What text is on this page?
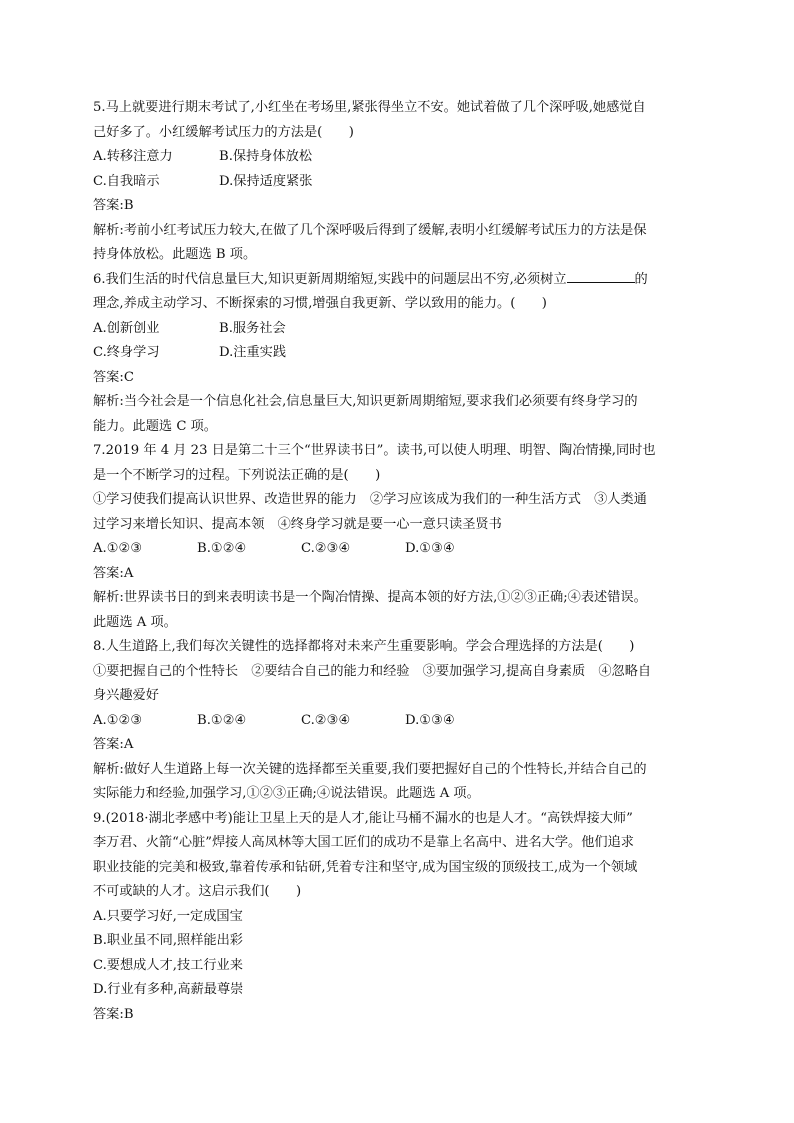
5.马上就要进行期末考试了,小红坐在考场里,紧张得坐立不安。她试着做了几个深呼吸,她感觉自
己好多了。小红缓解考试压力的方法是(　　)
A.转移注意力	B.保持身体放松
C.自我暗示	D.保持适度紧张
答案:B
解析:考前小红考试压力较大,在做了几个深呼吸后得到了缓解,表明小红缓解考试压力的方法是保
持身体放松。此题选 B 项。
6.我们生活的时代信息量巨大,知识更新周期缩短,实践中的问题层出不穷,必须树立	的
理念,养成主动学习、不断探索的习惯,增强自我更新、学以致用的能力。(　　)
A.创新创业	B.服务社会
C.终身学习	D.注重实践
答案:C
解析:当今社会是一个信息化社会,信息量巨大,知识更新周期缩短,要求我们必须要有终身学习的
能力。此题选 C 项。
7.2019 年 4 月 23 日是第二十三个“世界读书日”。读书,可以使人明理、明智、陶冶情操,同时也
是一个不断学习的过程。下列说法正确的是(　　)
①学习使我们提高认识世界、改造世界的能力　②学习应该成为我们的一种生活方式　③人类通
过学习来增长知识、提高本领　④终身学习就是要一心一意只读圣贤书
A.①②③	B.①②④	C.②③④	D.①③④
答案:A
解析:世界读书日的到来表明读书是一个陶冶情操、提高本领的好方法,①②③正确;④表述错误。
此题选 A 项。
8.人生道路上,我们每次关键性的选择都将对未来产生重要影响。学会合理选择的方法是(　　)
①要把握自己的个性特长　②要结合自己的能力和经验　③要加强学习,提高自身素质　④忽略自
身兴趣爱好
A.①②③	B.①②④	C.②③④	D.①③④
答案:A
解析:做好人生道路上每一次关键的选择都至关重要,我们要把握好自己的个性特长,并结合自己的
实际能力和经验,加强学习,①②③正确;④说法错误。此题选 A 项。
9.(2018·湖北孝感中考)能让卫星上天的是人才,能让马桶不漏水的也是人才。“高铁焊接大师”
李万君、火箭“心脏”焊接人高凤林等大国工匠们的成功不是靠上名高中、进名大学。他们追求
职业技能的完美和极致,靠着传承和钻研,凭着专注和坚守,成为国宝级的顶级技工,成为一个领域
不可或缺的人才。这启示我们(　　)
A.只要学习好,一定成国宝
B.职业虽不同,照样能出彩
C.要想成人才,技工行业来
D.行业有多种,高薪最尊崇
答案:B
